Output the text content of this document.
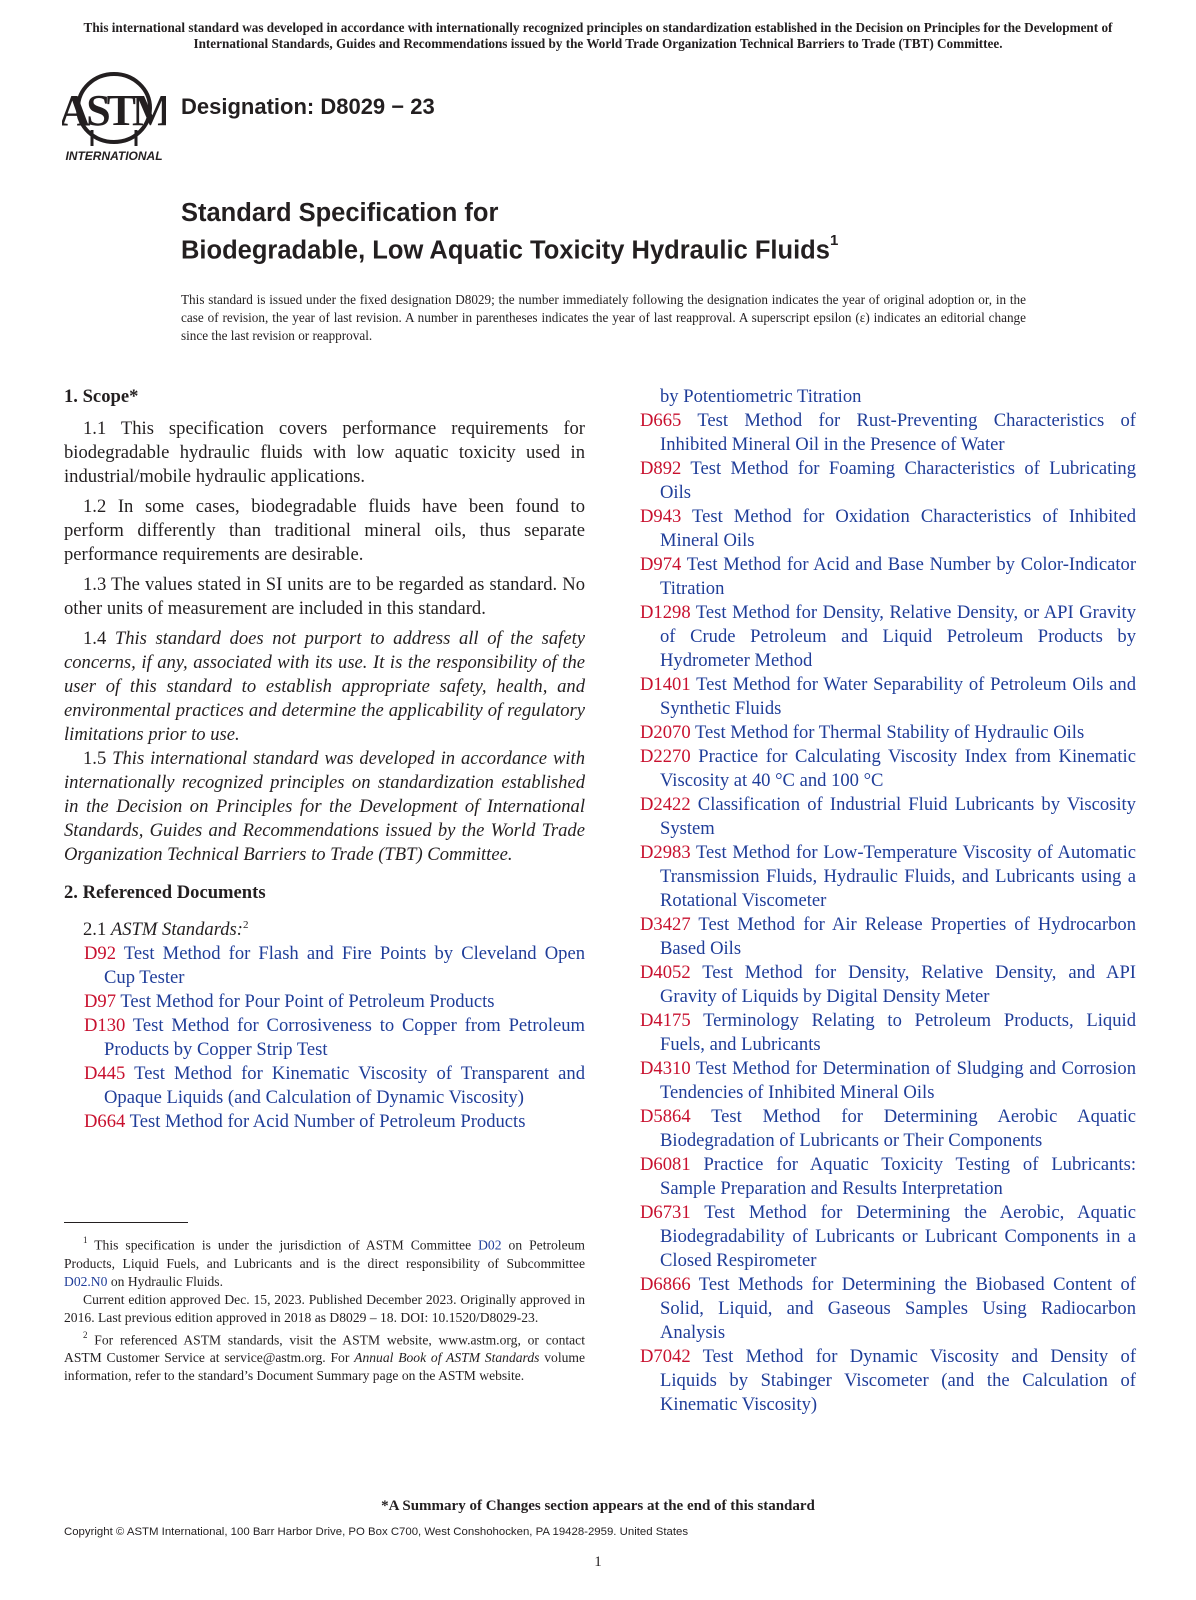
This international standard was developed in accordance with internationally recognized principles on standardization established in the Decision on Principles for the Development of International Standards, Guides and Recommendations issued by the World Trade Organization Technical Barriers to Trade (TBT) Committee.
ASTM
INTERNATIONAL
Designation: D8029 − 23
Standard Specification for
Biodegradable, Low Aquatic Toxicity Hydraulic Fluids$^1$
This standard is issued under the fixed designation D8029; the number immediately following the designation indicates the year of original adoption or, in the case of revision, the year of last revision. A number in parentheses indicates the year of last reapproval. A superscript epsilon (ε) indicates an editorial change since the last revision or reapproval.
1. Scope*

1.1 This specification covers performance requirements for biodegradable hydraulic fluids with low aquatic toxicity used in industrial/mobile hydraulic applications.

1.2 In some cases, biodegradable fluids have been found to perform differently than traditional mineral oils, thus separate performance requirements are desirable.

1.3 The values stated in SI units are to be regarded as standard. No other units of measurement are included in this standard.

1.4 This standard does not purport to address all of the safety concerns, if any, associated with its use. It is the responsibility of the user of this standard to establish appropriate safety, health, and environmental practices and determine the applicability of regulatory limitations prior to use.

1.5 This international standard was developed in accordance with internationally recognized principles on standardization established in the Decision on Principles for the Development of International Standards, Guides and Recommendations issued by the World Trade Organization Technical Barriers to Trade (TBT) Committee.

2. Referenced Documents
2.1 ASTM Standards:$^2$

D92 Test Method for Flash and Fire Points by Cleveland Open Cup Tester

D97 Test Method for Pour Point of Petroleum Products

D130 Test Method for Corrosiveness to Copper from Petroleum Products by Copper Strip Test

D445 Test Method for Kinematic Viscosity of Transparent and Opaque Liquids (and Calculation of Dynamic Viscosity)

D664 Test Method for Acid Number of Petroleum Products

by Potentiometric Titration

D665 Test Method for Rust-Preventing Characteristics of Inhibited Mineral Oil in the Presence of Water

D892 Test Method for Foaming Characteristics of Lubricating Oils

D943 Test Method for Oxidation Characteristics of Inhibited Mineral Oils

D974 Test Method for Acid and Base Number by Color-Indicator Titration

D1298 Test Method for Density, Relative Density, or API Gravity of Crude Petroleum and Liquid Petroleum Products by Hydrometer Method

D1401 Test Method for Water Separability of Petroleum Oils and Synthetic Fluids

D2070 Test Method for Thermal Stability of Hydraulic Oils

D2270 Practice for Calculating Viscosity Index from Kinematic Viscosity at 40 °C and 100 °C

D2422 Classification of Industrial Fluid Lubricants by Viscosity System

D2983 Test Method for Low-Temperature Viscosity of Automatic Transmission Fluids, Hydraulic Fluids, and Lubricants using a Rotational Viscometer

D3427 Test Method for Air Release Properties of Hydrocarbon Based Oils

D4052 Test Method for Density, Relative Density, and API Gravity of Liquids by Digital Density Meter

D4175 Terminology Relating to Petroleum Products, Liquid Fuels, and Lubricants

D4310 Test Method for Determination of Sludging and Corrosion Tendencies of Inhibited Mineral Oils

D5864 Test Method for Determining Aerobic Aquatic Biodegradation of Lubricants or Their Components

D6081 Practice for Aquatic Toxicity Testing of Lubricants: Sample Preparation and Results Interpretation

D6731 Test Method for Determining the Aerobic, Aquatic Biodegradability of Lubricants or Lubricant Components in a Closed Respirometer

D6866 Test Methods for Determining the Biobased Content of Solid, Liquid, and Gaseous Samples Using Radiocarbon Analysis

D7042 Test Method for Dynamic Viscosity and Density of Liquids by Stabinger Viscometer (and the Calculation of Kinematic Viscosity)

$^1$ This specification is under the jurisdiction of ASTM Committee D02 on Petroleum Products, Liquid Fuels, and Lubricants and is the direct responsibility of Subcommittee D02.N0 on Hydraulic Fluids.

Current edition approved Dec. 15, 2023. Published December 2023. Originally approved in 2016. Last previous edition approved in 2018 as D8029 – 18. DOI: 10.1520/D8029-23.

$^2$ For referenced ASTM standards, visit the ASTM website, www.astm.org, or contact ASTM Customer Service at service@astm.org. For Annual Book of ASTM Standards volume information, refer to the standard’s Document Summary page on the ASTM website.

*A Summary of Changes section appears at the end of this standard
Copyright © ASTM International, 100 Barr Harbor Drive, PO Box C700, West Conshohocken, PA 19428-2959. United States
1
